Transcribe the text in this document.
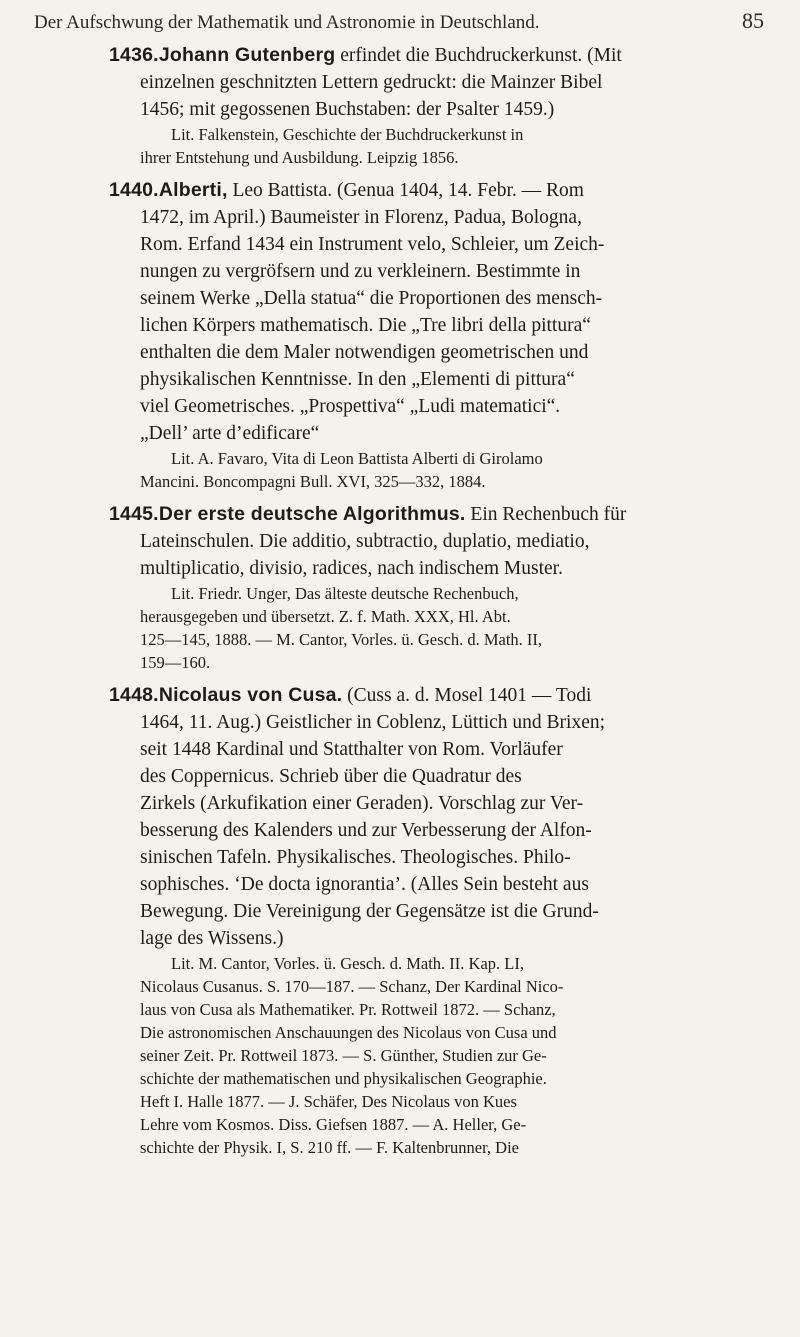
Der Aufschwung der Mathematik und Astronomie in Deutschland.	85
1436.Johann Gutenberg erfindet die Buchdruckerkunst. (Mit
einzelnen geschnitzten Lettern gedruckt: die Mainzer Bibel
1456; mit gegossenen Buchstaben: der Psalter 1459.)
Lit. Falkenstein, Geschichte der Buchdruckerkunst in
ihrer Entstehung und Ausbildung. Leipzig 1856.
1440.Alberti, Leo Battista. (Genua 1404, 14. Febr. — Rom
1472, im April.) Baumeister in Florenz, Padua, Bologna,
Rom. Erfand 1434 ein Instrument velo, Schleier, um Zeich-
nungen zu vergröfsern und zu verkleinern. Bestimmte in
seinem Werke „Della statua“ die Proportionen des mensch-
lichen Körpers mathematisch. Die „Tre libri della pittura“
enthalten die dem Maler notwendigen geometrischen und
physikalischen Kenntnisse. In den „Elementi di pittura“
viel Geometrisches. „Prospettiva“ „Ludi matematici“.
„Dell’ arte d’edificare“
Lit. A. Favaro, Vita di Leon Battista Alberti di Girolamo
Mancini. Boncompagni Bull. XVI, 325—332, 1884.
1445.Der erste deutsche Algorithmus. Ein Rechenbuch für
Lateinschulen. Die additio, subtractio, duplatio, mediatio,
multiplicatio, divisio, radices, nach indischem Muster.
Lit. Friedr. Unger, Das älteste deutsche Rechenbuch,
herausgegeben und übersetzt. Z. f. Math. XXX, Hl. Abt.
125—145, 1888. — M. Cantor, Vorles. ü. Gesch. d. Math. II,
159—160.
1448.Nicolaus von Cusa. (Cuss a. d. Mosel 1401 — Todi
1464, 11. Aug.) Geistlicher in Coblenz, Lüttich und Brixen;
seit 1448 Kardinal und Statthalter von Rom. Vorläufer
des Coppernicus. Schrieb über die Quadratur des
Zirkels (Arkufikation einer Geraden). Vorschlag zur Ver-
besserung des Kalenders und zur Verbesserung der Alfon-
sinischen Tafeln. Physikalisches. Theologisches. Philo-
sophisches. ‘De docta ignorantia’. (Alles Sein besteht aus
Bewegung. Die Vereinigung der Gegensätze ist die Grund-
lage des Wissens.)
Lit. M. Cantor, Vorles. ü. Gesch. d. Math. II. Kap. LI,
Nicolaus Cusanus. S. 170—187. — Schanz, Der Kardinal Nico-
laus von Cusa als Mathematiker. Pr. Rottweil 1872. — Schanz,
Die astronomischen Anschauungen des Nicolaus von Cusa und
seiner Zeit. Pr. Rottweil 1873. — S. Günther, Studien zur Ge-
schichte der mathematischen und physikalischen Geographie.
Heft I. Halle 1877. — J. Schäfer, Des Nicolaus von Kues
Lehre vom Kosmos. Diss. Giefsen 1887. — A. Heller, Ge-
schichte der Physik. I, S. 210 ff. — F. Kaltenbrunner, Die
